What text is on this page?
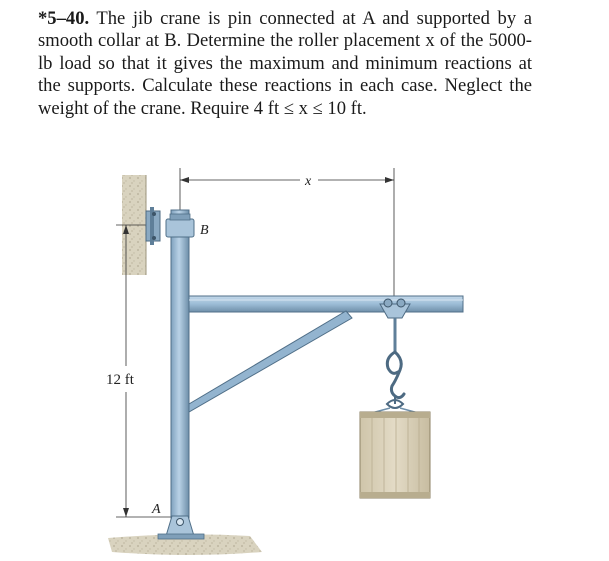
*5–40. The jib crane is pin connected at A and supported by a smooth collar at B. Determine the roller placement x of the 5000-lb load so that it gives the maximum and minimum reactions at the supports. Calculate these reactions in each case. Neglect the weight of the crane. Require 4 ft ≤ x ≤ 10 ft.
12 ft
x
B
A
